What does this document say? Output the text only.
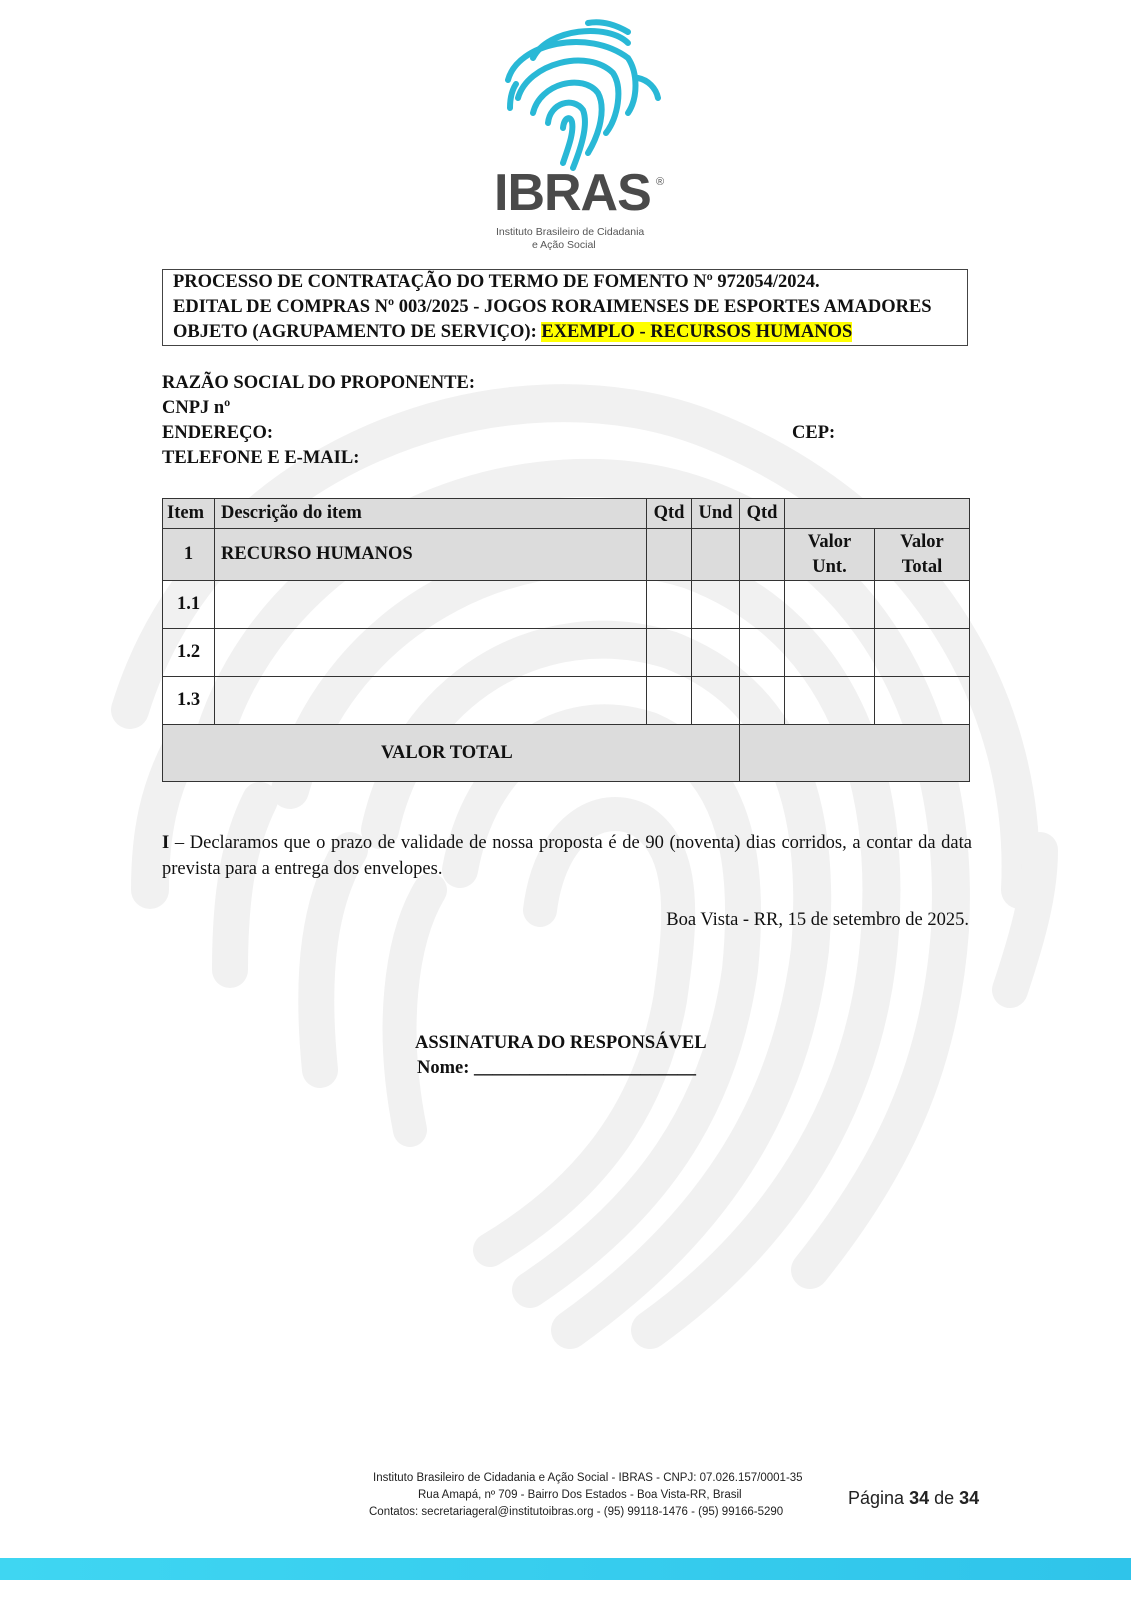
IBRAS ®
Instituto Brasileiro de Cidadania
e Ação Social
PROCESSO DE CONTRATAÇÃO DO TERMO DE FOMENTO Nº 972054/2024.
EDITAL DE COMPRAS Nº 003/2025 - JOGOS RORAIMENSES DE ESPORTES AMADORES
OBJETO (AGRUPAMENTO DE SERVIÇO): EXEMPLO - RECURSOS HUMANOS
RAZÃO SOCIAL DO PROPONENTE:
CNPJ nº
ENDEREÇO:	CEP:
TELEFONE E E-MAIL:
Item	Descrição do item	Qtd	Und	Qtd		
1	RECURSO HUMANOS				Valor Unt.	Valor Total
1.1						
1.2						
1.3						
VALOR TOTAL						
I – Declaramos que o prazo de validade de nossa proposta é de 90 (noventa) dias corridos, a contar da data prevista para a entrega dos envelopes.
Boa Vista - RR, 15 de setembro de 2025.
ASSINATURA DO RESPONSÁVEL
Nome: ________________________
Instituto Brasileiro de Cidadania e Ação Social - IBRAS - CNPJ: 07.026.157/0001-35
Rua Amapá, nº 709 - Bairro Dos Estados - Boa Vista-RR, Brasil
Contatos: secretariageral@institutoibras.org - (95) 99118-1476 - (95) 99166-5290
Página 34 de 34
